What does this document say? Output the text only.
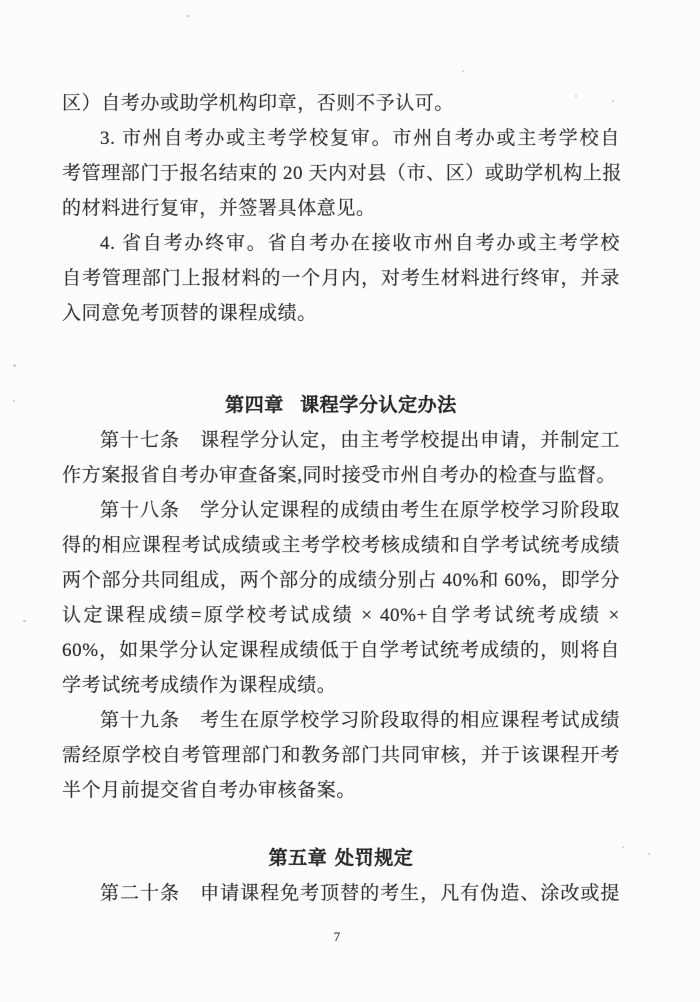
区）自考办或助学机构印章，否则不予认可。
3. 市州自考办或主考学校复审。市州自考办或主考学校自
考管理部门于报名结束的 20 天内对县（市、区）或助学机构上报
的材料进行复审，并签署具体意见。
4. 省自考办终审。省自考办在接收市州自考办或主考学校
自考管理部门上报材料的一个月内，对考生材料进行终审，并录
入同意免考顶替的课程成绩。
第四章 课程学分认定办法
第十七条　课程学分认定，由主考学校提出申请，并制定工
作方案报省自考办审查备案,同时接受市州自考办的检查与监督。
第十八条　学分认定课程的成绩由考生在原学校学习阶段取
得的相应课程考试成绩或主考学校考核成绩和自学考试统考成绩
两个部分共同组成，两个部分的成绩分别占 40%和 60%，即学分
认定课程成绩=原学校考试成绩 × 40%+自学考试统考成绩 ×
60%，如果学分认定课程成绩低于自学考试统考成绩的，则将自
学考试统考成绩作为课程成绩。
第十九条　考生在原学校学习阶段取得的相应课程考试成绩
需经原学校自考管理部门和教务部门共同审核，并于该课程开考
半个月前提交省自考办审核备案。
第五章 处罚规定
第二十条　申请课程免考顶替的考生，凡有伪造、涂改或提
7
